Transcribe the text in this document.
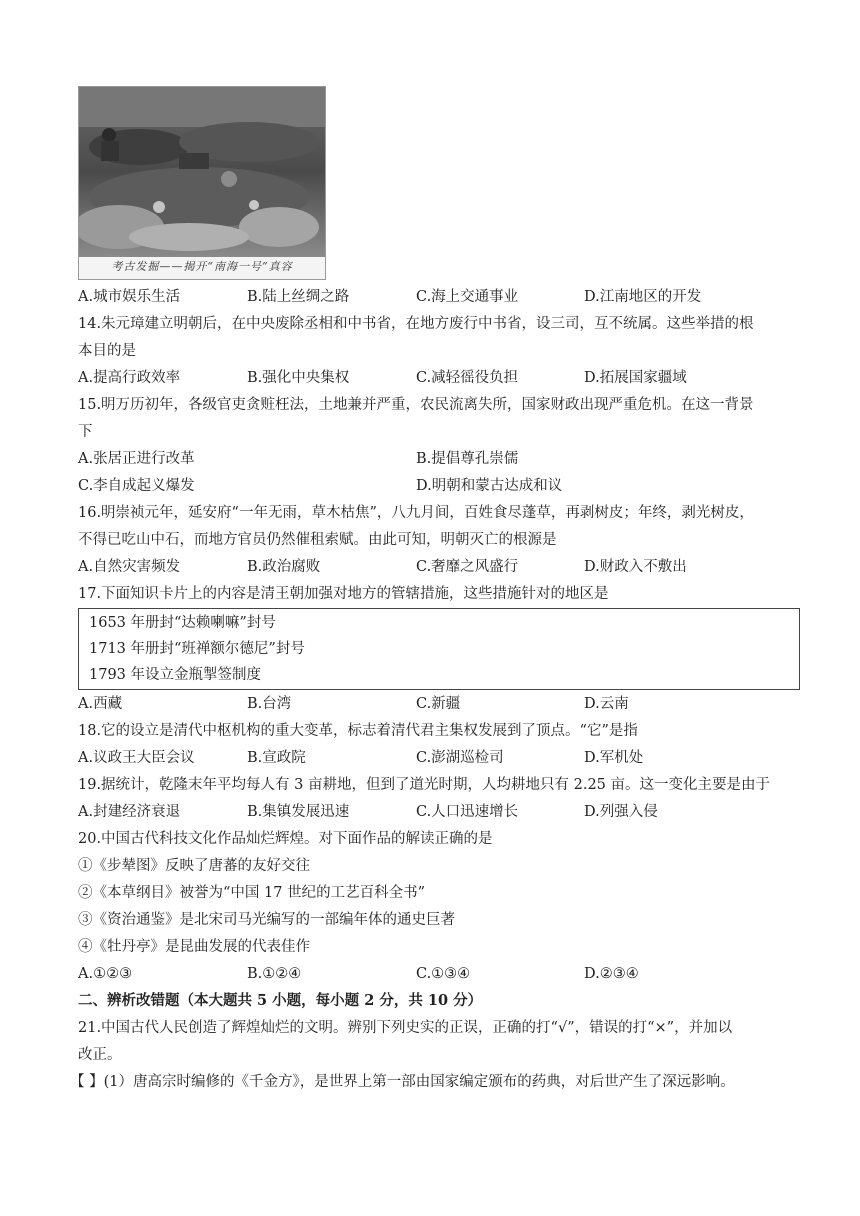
考古发掘——揭开“南海一号”真容
A.城市娱乐生活	B.陆上丝绸之路	C.海上交通事业	D.江南地区的开发
14.朱元璋建立明朝后，在中央废除丞相和中书省，在地方废行中书省，设三司，互不统属。这些举措的根
本目的是
A.提高行政效率	B.强化中央集权	C.减轻徭役负担	D.拓展国家疆域
15.明万历初年，各级官吏贪赃枉法，土地兼并严重，农民流离失所，国家财政出现严重危机。在这一背景
下
A.张居正进行改革	B.提倡尊孔崇儒
C.李自成起义爆发	D.明朝和蒙古达成和议
16.明崇祯元年，延安府“一年无雨，草木枯焦”，八九月间，百姓食尽蓬草，再剥树皮；年终，剥光树皮，
不得已吃山中石，而地方官员仍然催租索赋。由此可知，明朝灭亡的根源是
A.自然灾害频发	B.政治腐败	C.奢靡之风盛行	D.财政入不敷出
17.下面知识卡片上的内容是清王朝加强对地方的管辖措施，这些措施针对的地区是
1653 年册封“达赖喇嘛”封号
1713 年册封“班禅额尔德尼”封号
1793 年设立金瓶掣签制度
A.西藏	B.台湾	C.新疆	D.云南
18.它的设立是清代中枢机构的重大变革，标志着清代君主集权发展到了顶点。“它”是指
A.议政王大臣会议	B.宣政院	C.澎湖巡检司	D.军机处
19.据统计，乾隆末年平均每人有 3 亩耕地，但到了道光时期，人均耕地只有 2.25 亩。这一变化主要是由于
A.封建经济衰退	B.集镇发展迅速	C.人口迅速增长	D.列强入侵
20.中国古代科技文化作品灿烂辉煌。对下面作品的解读正确的是
①《步辇图》反映了唐蕃的友好交往
②《本草纲目》被誉为“中国 17 世纪的工艺百科全书”
③《资治通鉴》是北宋司马光编写的一部编年体的通史巨著
④《牡丹亭》是昆曲发展的代表佳作
A.①②③	B.①②④	C.①③④	D.②③④
二、辨析改错题（本大题共 5 小题，每小题 2 分，共 10 分）
21.中国古代人民创造了辉煌灿烂的文明。辨别下列史实的正误，正确的打“√”，错误的打“×”，并加以
改正。
【 】(1）唐高宗时编修的《千金方》，是世界上第一部由国家编定颁布的药典，对后世产生了深远影响。
